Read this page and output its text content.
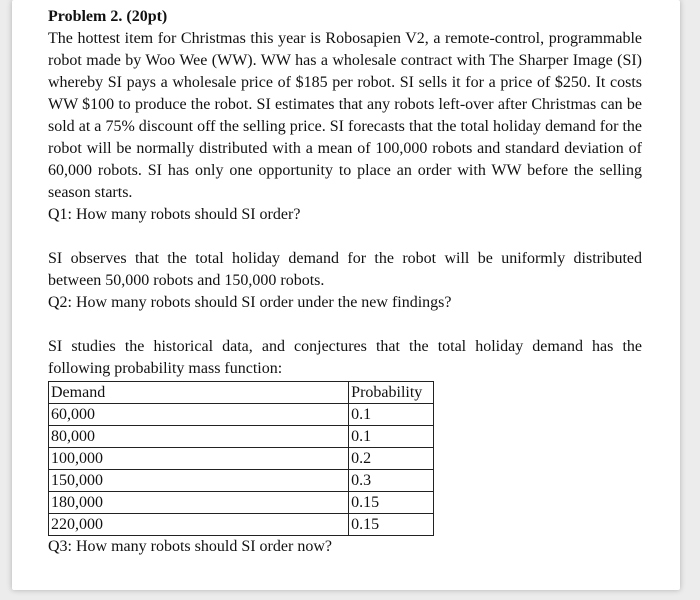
Problem 2. (20pt)

The hottest item for Christmas this year is Robosapien V2, a remote-control, programmable robot made by Woo Wee (WW). WW has a wholesale contract with The Sharper Image (SI) whereby SI pays a wholesale price of $185 per robot. SI sells it for a price of $250. It costs WW $100 to produce the robot. SI estimates that any robots left-over after Christmas can be sold at a 75% discount off the selling price. SI forecasts that the total holiday demand for the robot will be normally distributed with a mean of 100,000 robots and standard deviation of 60,000 robots. SI has only one opportunity to place an order with WW before the selling season starts.

Q1: How many robots should SI order?

SI observes that the total holiday demand for the robot will be uniformly distributed between 50,000 robots and 150,000 robots.

Q2: How many robots should SI order under the new findings?

SI studies the historical data, and conjectures that the total holiday demand has the following probability mass function:

Demand	Probability
60,000	0.1
80,000	0.1
100,000	0.2
150,000	0.3
180,000	0.15
220,000	0.15

Q3: How many robots should SI order now?
